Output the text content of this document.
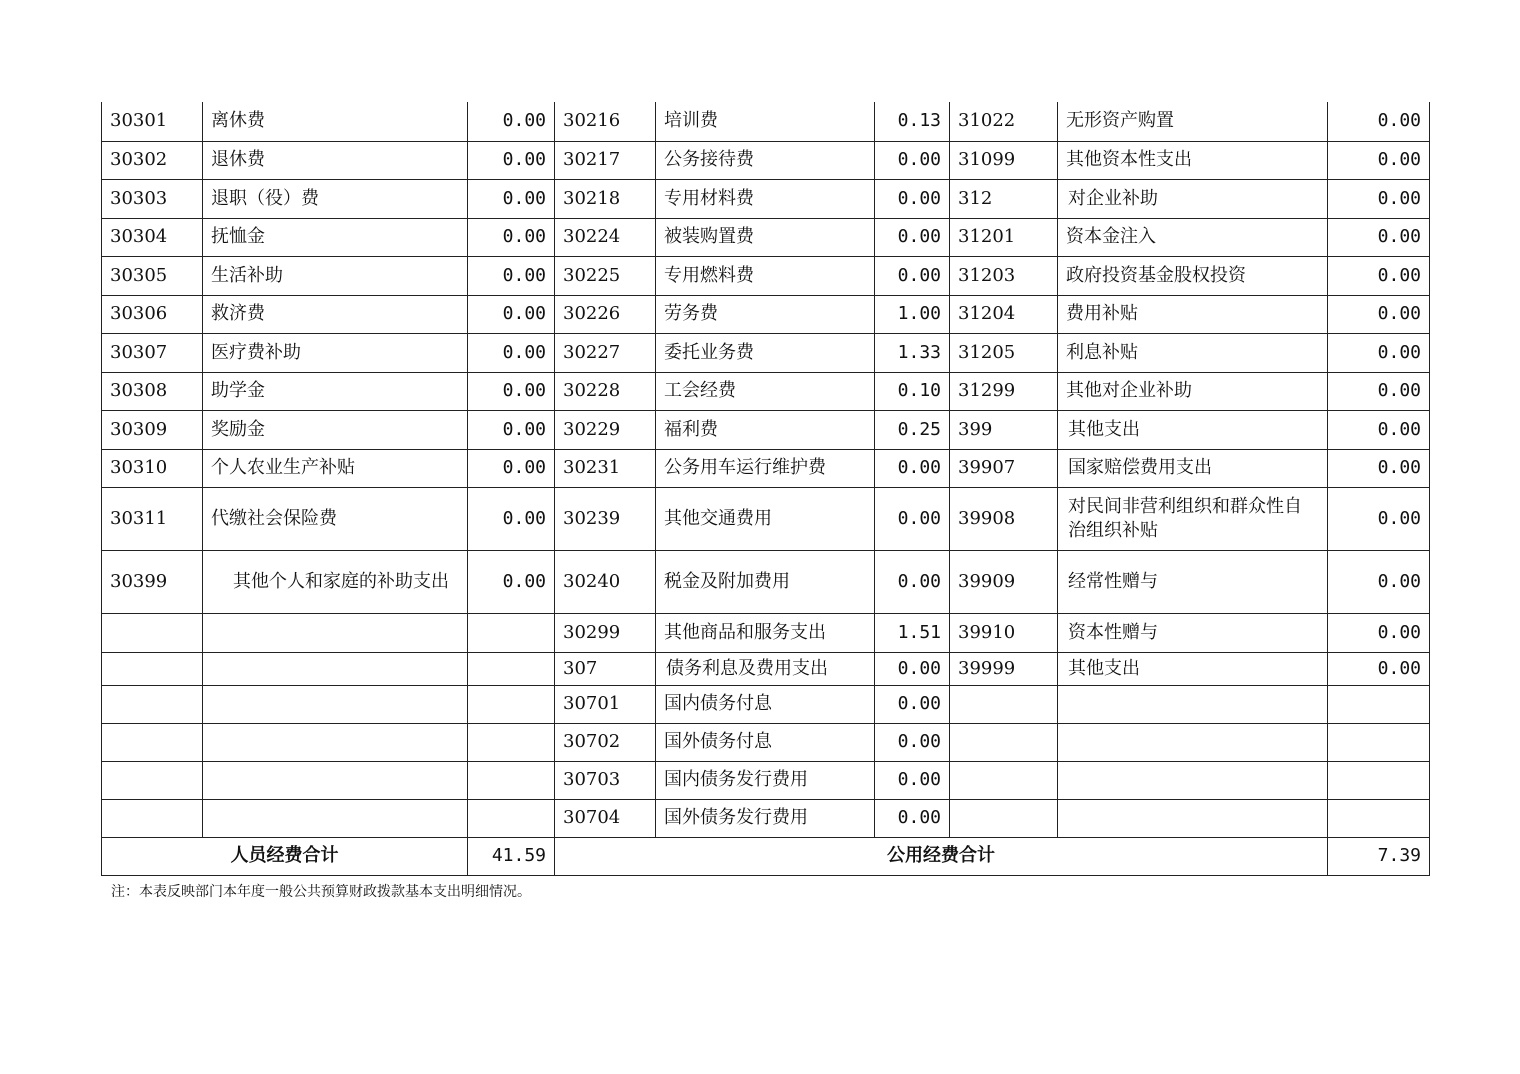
30301	离休费	0.00	30216	培训费	0.13	31022	无形资产购置	0.00
30302	退休费	0.00	30217	公务接待费	0.00	31099	其他资本性支出	0.00
30303	退职（役）费	0.00	30218	专用材料费	0.00	312	对企业补助	0.00
30304	抚恤金	0.00	30224	被装购置费	0.00	31201	资本金注入	0.00
30305	生活补助	0.00	30225	专用燃料费	0.00	31203	政府投资基金股权投资	0.00
30306	救济费	0.00	30226	劳务费	1.00	31204	费用补贴	0.00
30307	医疗费补助	0.00	30227	委托业务费	1.33	31205	利息补贴	0.00
30308	助学金	0.00	30228	工会经费	0.10	31299	其他对企业补助	0.00
30309	奖励金	0.00	30229	福利费	0.25	399	其他支出	0.00
30310	个人农业生产补贴	0.00	30231	公务用车运行维护费	0.00	39907	国家赔偿费用支出	0.00
30311	代缴社会保险费	0.00	30239	其他交通费用	0.00	39908	对民间非营利组织和群众性自治组织补贴	0.00
30399	其他个人和家庭的补助支出	0.00	30240	税金及附加费用	0.00	39909	经常性赠与	0.00
			30299	其他商品和服务支出	1.51	39910	资本性赠与	0.00
			307	债务利息及费用支出	0.00	39999	其他支出	0.00
			30701	国内债务付息	0.00			
			30702	国外债务付息	0.00			
			30703	国内债务发行费用	0.00			
			30704	国外债务发行费用	0.00			
人员经费合计		41.59	公用经费合计					7.39
注：本表反映部门本年度一般公共预算财政拨款基本支出明细情况。
